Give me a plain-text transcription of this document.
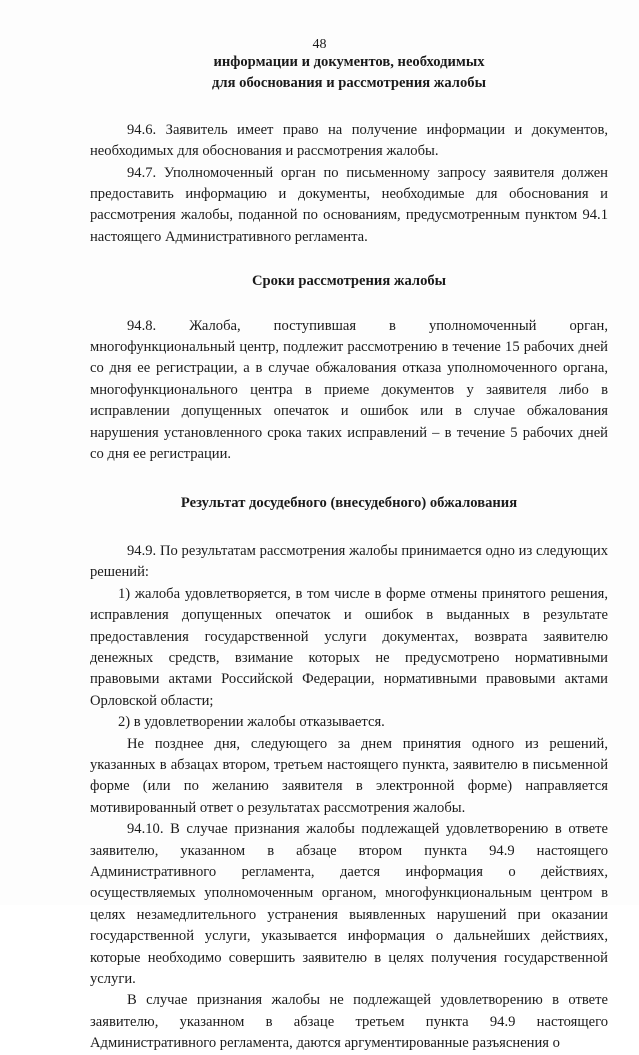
48
информации и документов, необходимых
для обоснования и рассмотрения жалобы

94.6. Заявитель имеет право на получение информации и документов, необходимых для обоснования и рассмотрения жалобы.

94.7. Уполномоченный орган по письменному запросу заявителя должен предоставить информацию и документы, необходимые для обоснования и рассмотрения жалобы, поданной по основаниям, предусмотренным пунктом 94.1 настоящего Административного регламента.

Сроки рассмотрения жалобы

94.8. Жалоба, поступившая в уполномоченный орган, многофункциональный центр, подлежит рассмотрению в течение 15 рабочих дней со дня ее регистрации, а в случае обжалования отказа уполномоченного органа, многофункционального центра в приеме документов у заявителя либо в исправлении допущенных опечаток и ошибок или в случае обжалования нарушения установленного срока таких исправлений – в течение 5 рабочих дней со дня ее регистрации.

Результат досудебного (внесудебного) обжалования

94.9. По результатам рассмотрения жалобы принимается одно из следующих решений:

1) жалоба удовлетворяется, в том числе в форме отмены принятого решения, исправления допущенных опечаток и ошибок в выданных в результате предоставления государственной услуги документах, возврата заявителю денежных средств, взимание которых не предусмотрено нормативными правовыми актами Российской Федерации, нормативными правовыми актами Орловской области;

2) в удовлетворении жалобы отказывается.

Не позднее дня, следующего за днем принятия одного из решений, указанных в абзацах втором, третьем настоящего пункта, заявителю в письменной форме (или по желанию заявителя в электронной форме) направляется мотивированный ответ о результатах рассмотрения жалобы.

94.10. В случае признания жалобы подлежащей удовлетворению в ответе заявителю, указанном в абзаце втором пункта 94.9 настоящего Административного регламента, дается информация о действиях, осуществляемых уполномоченным органом, многофункциональным центром в целях незамедлительного устранения выявленных нарушений при оказании государственной услуги, указывается информация о дальнейших действиях, которые необходимо совершить заявителю в целях получения государственной услуги.

В случае признания жалобы не подлежащей удовлетворению в ответе заявителю, указанном в абзаце третьем пункта 94.9 настоящего Административного регламента, даются аргументированные разъяснения о
